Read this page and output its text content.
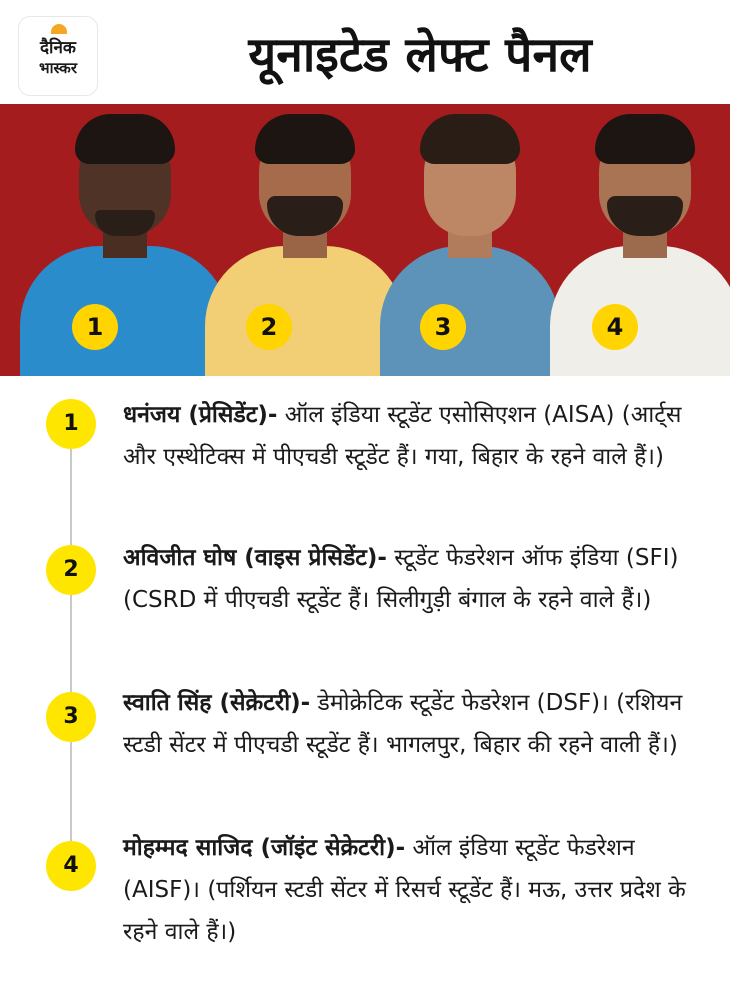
दैनिक
भास्कर	यूनाइटेड लेफ्ट पैनल
1	2	3	4
1	धनंजय (प्रेसिडेंट)- ऑल इंडिया स्टूडेंट एसोसिएशन (AISA) (आर्ट्स और एस्थेटिक्स में पीएचडी स्टूडेंट हैं। गया, बिहार के रहने वाले हैं।)
2	अविजीत घोष (वाइस प्रेसिडेंट)- स्टूडेंट फेडरेशन ऑफ इंडिया (SFI) (CSRD में पीएचडी स्टूडेंट हैं। सिलीगुड़ी बंगाल के रहने वाले हैं।)
3
स्वाति सिंह (सेक्रेटरी)- डेमोक्रेटिक स्टूडेंट फेडरेशन (DSF)। (रशियन स्टडी सेंटर में पीएचडी स्टूडेंट हैं। भागलपुर, बिहार की रहने वाली हैं।)
4
मोहम्मद साजिद (जॉइंट सेक्रेटरी)- ऑल इंडिया स्टूडेंट फेडरेशन (AISF)। (पर्शियन स्टडी सेंटर में रिसर्च स्टूडेंट हैं। मऊ, उत्तर प्रदेश के रहने वाले हैं।)
